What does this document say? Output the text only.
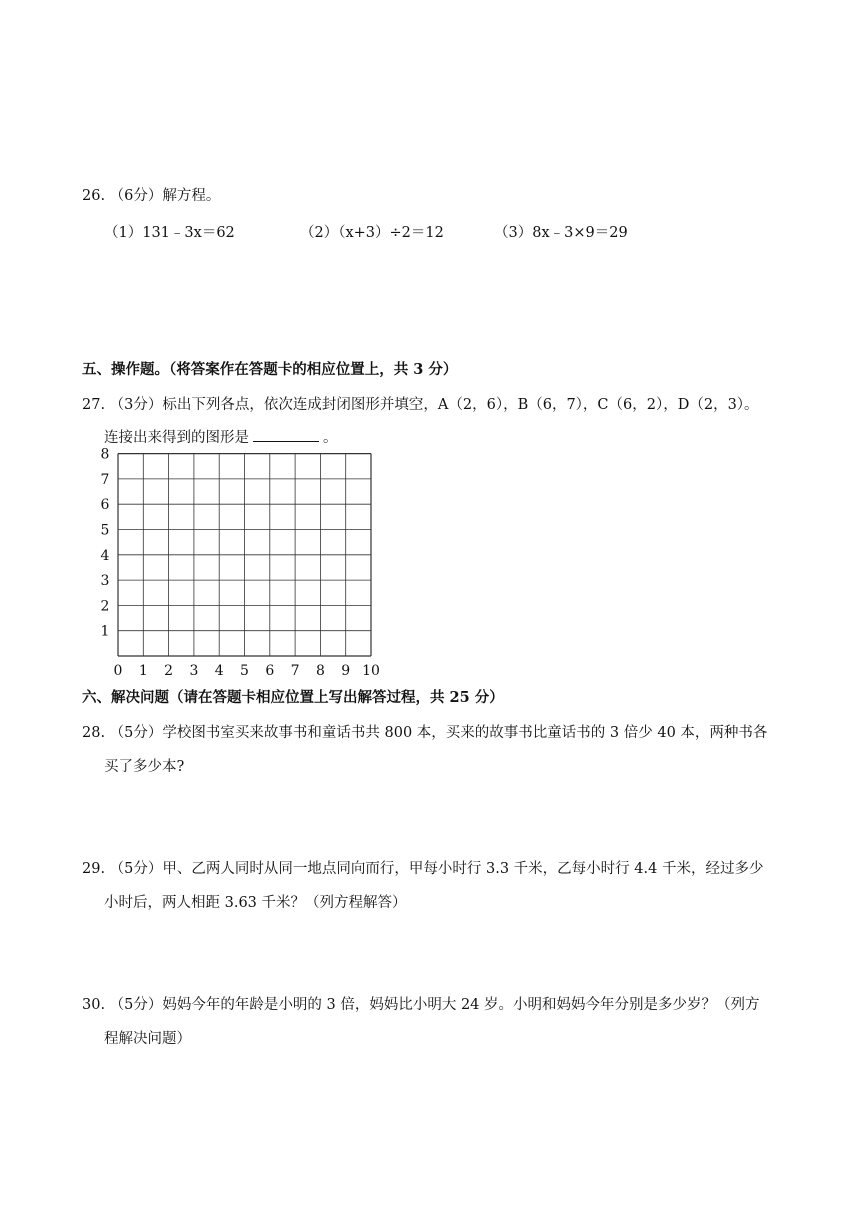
26. （6分）解方程。
（1）131﹣3x＝62	（2）（x+3）÷2＝12	（3）8x﹣3×9＝29
五、操作题。（将答案作在答题卡的相应位置上，共 3 分）
27. （3分）标出下列各点，依次连成封闭图形并填空，A（2，6），B（6，7），C（6，2），D（2，3）。
连接出来得到的图形是	。
0 1 2 3 4 5 6 7 8 9 10
1
2
3
4
5
6
7
8
六、解决问题（请在答题卡相应位置上写出解答过程，共 25 分）
28. （5分）学校图书室买来故事书和童话书共 800 本，买来的故事书比童话书的 3 倍少 40 本，两种书各
买了多少本?
29. （5分）甲、乙两人同时从同一地点同向而行，甲每小时行 3.3 千米，乙每小时行 4.4 千米，经过多少
小时后，两人相距 3.63 千米？（列方程解答）
30. （5分）妈妈今年的年龄是小明的 3 倍，妈妈比小明大 24 岁。小明和妈妈今年分别是多少岁？（列方
程解决问题）
